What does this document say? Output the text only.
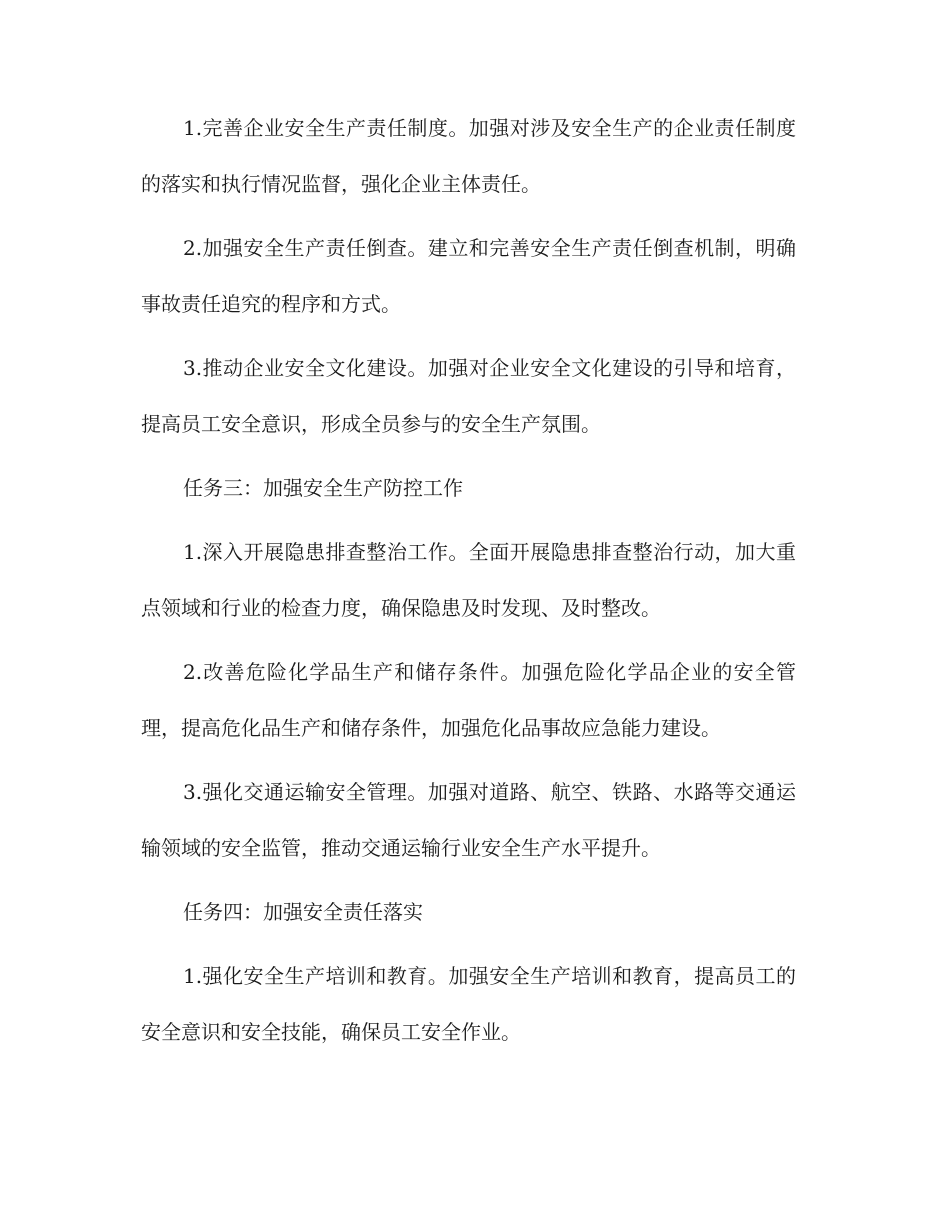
1.完善企业安全生产责任制度。加强对涉及安全生产的企业责任制度的落实和执行情况监督，强化企业主体责任。

2.加强安全生产责任倒查。建立和完善安全生产责任倒查机制，明确事故责任追究的程序和方式。

3.推动企业安全文化建设。加强对企业安全文化建设的引导和培育，提高员工安全意识，形成全员参与的安全生产氛围。

任务三：加强安全生产防控工作

1.深入开展隐患排查整治工作。全面开展隐患排查整治行动，加大重点领域和行业的检查力度，确保隐患及时发现、及时整改。

2.改善危险化学品生产和储存条件。加强危险化学品企业的安全管理，提高危化品生产和储存条件，加强危化品事故应急能力建设。

3.强化交通运输安全管理。加强对道路、航空、铁路、水路等交通运输领域的安全监管，推动交通运输行业安全生产水平提升。

任务四：加强安全责任落实

1.强化安全生产培训和教育。加强安全生产培训和教育，提高员工的安全意识和安全技能，确保员工安全作业。
